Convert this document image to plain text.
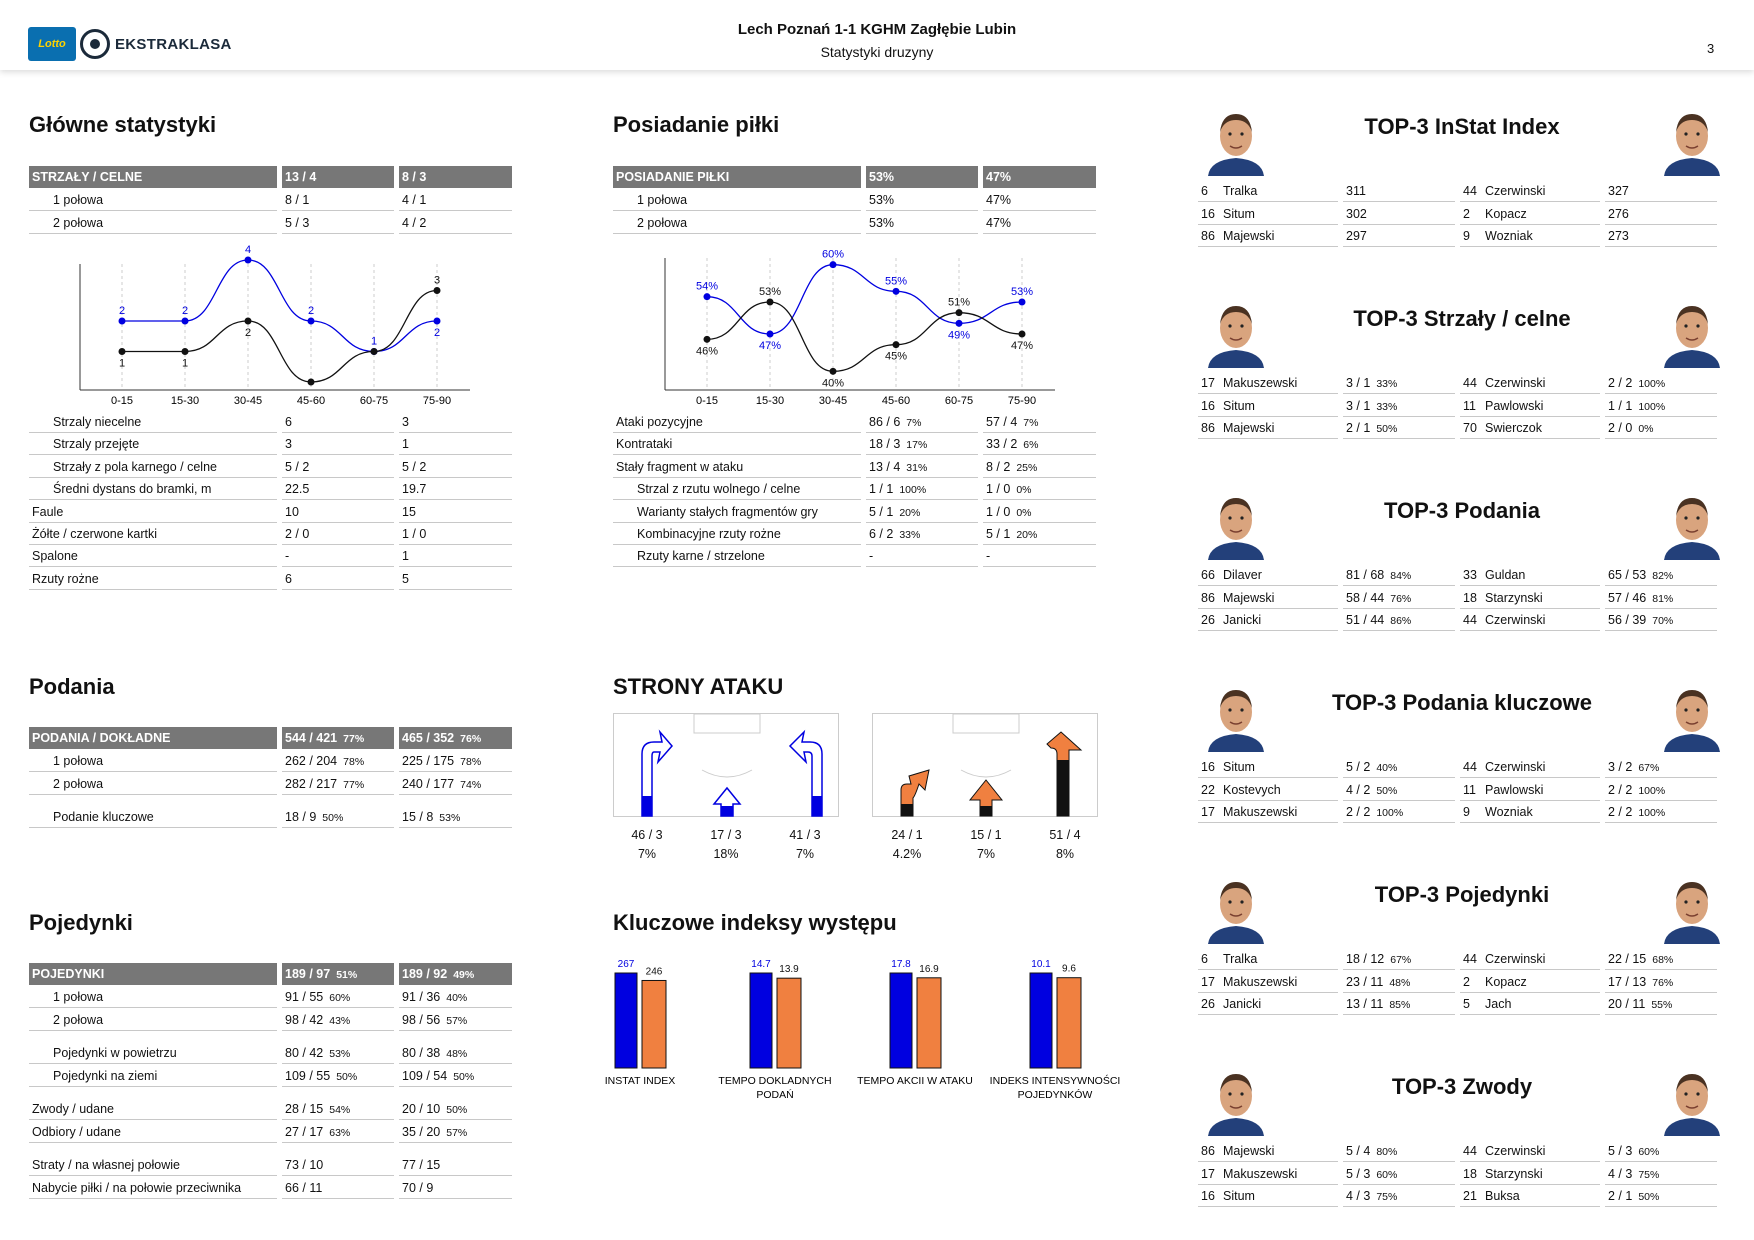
Lotto	EKSTRAKLASA
Lech Poznań 1-1 KGHM Zagłębie Lubin
Statystyki druzyny	3
Główne statystyki
STRZAŁY / CELNE	13 / 4	8 / 3
1 połowa	8 / 1	4 / 1
2 połowa	5 / 3	4 / 2
0-15	15-30	30-45	45-60	60-75	75-90
2	2
4
2
1
2
1	1
2
3
Strzaly niecelne	6	3
Strzaly przejęte	3	1
Strzały z pola karnego / celne	5 / 2	5 / 2
Średni dystans do bramki, m	22.5	19.7
Faule	10	15
Żółte / czerwone kartki	2 / 0	1 / 0
Spalone	-	1
Rzuty rożne	6	5
Podania
PODANIA / DOKŁADNE	544 / 421 77%	465 / 352 76%
1 połowa	262 / 204 78%	225 / 175 78%
2 połowa	282 / 217 77%	240 / 177 74%
Podanie kluczowe	18 / 9 50%	15 / 8 53%
Pojedynki
POJEDYNKI	189 / 97 51%	189 / 92 49%
1 połowa	91 / 55 60%	91 / 36 40%
2 połowa	98 / 42 43%	98 / 56 57%
Pojedynki w powietrzu	80 / 42 53%	80 / 38 48%
Pojedynki na ziemi	109 / 55 50%	109 / 54 50%
Zwody / udane	28 / 15 54%	20 / 10 50%
Odbiory / udane	27 / 17 63%	35 / 20 57%
Straty / na własnej połowie	73 / 10	77 / 15
Nabycie piłki / na połowie przeciwnika	66 / 11	70 / 9
Posiadanie piłki
POSIADANIE PIŁKI	53%	47%
1 połowa	53%	47%
2 połowa	53%	47%
0-15	15-30	30-45	45-60	60-75	75-90
54%
47%
60%
55%
49%
53%
46%
53%
40%
45%
51%
47%
Ataki pozycyjne	86 / 6 7%	57 / 4 7%
Kontrataki	18 / 3 17%	33 / 2 6%
Stały fragment w ataku	13 / 4 31%	8 / 2 25%
Strzal z rzutu wolnego / celne	1 / 1 100%	1 / 0 0%
Warianty stałych fragmentów gry	5 / 1 20%	1 / 0 0%
Kombinacyjne rzuty rożne	6 / 2 33%	5 / 1 20%
Rzuty karne / strzelone	-	-
STRONY ATAKU
46 / 3
7%
17 / 3
18%
41 / 3
7%
24 / 1
4.2%
15 / 1
7%
51 / 4
8%
Kluczowe indeksy występu
267
246
INSTAT INDEX
14.7 13.9
TEMPO DOKLADNYCH
PODAŃ
17.8 16.9
TEMPO AKCII W ATAKU
10.1 9.6
INDEKS INTENSYWNOŚCI
POJEDYNKÓW
TOP-3 InStat Index
6 Tralka	311	44 Czerwinski	327
16 Situm	302	2 Kopacz	276
86 Majewski	297	9 Wozniak	273
TOP-3 Strzały / celne
17 Makuszewski	3 / 1 33%	44 Czerwinski	2 / 2 100%
16 Situm	3 / 1 33%	11 Pawlowski	1 / 1 100%
86 Majewski	2 / 1 50%	70 Swierczok	2 / 0 0%
TOP-3 Podania
66 Dilaver	81 / 68 84%	33 Guldan	65 / 53 82%
86 Majewski	58 / 44 76%	18 Starzynski	57 / 46 81%
26 Janicki	51 / 44 86%	44 Czerwinski	56 / 39 70%
TOP-3 Podania kluczowe
16 Situm	5 / 2 40%	44 Czerwinski	3 / 2 67%
22 Kostevych	4 / 2 50%	11 Pawlowski	2 / 2 100%
17 Makuszewski	2 / 2 100%	9 Wozniak	2 / 2 100%
TOP-3 Pojedynki
6 Tralka	18 / 12 67%	44 Czerwinski	22 / 15 68%
17 Makuszewski	23 / 11 48%	2 Kopacz	17 / 13 76%
26 Janicki	13 / 11 85%	5 Jach	20 / 11 55%
TOP-3 Zwody
86 Majewski	5 / 4 80%	44 Czerwinski	5 / 3 60%
17 Makuszewski	5 / 3 60%	18 Starzynski	4 / 3 75%
16 Situm	4 / 3 75%	21 Buksa	2 / 1 50%
